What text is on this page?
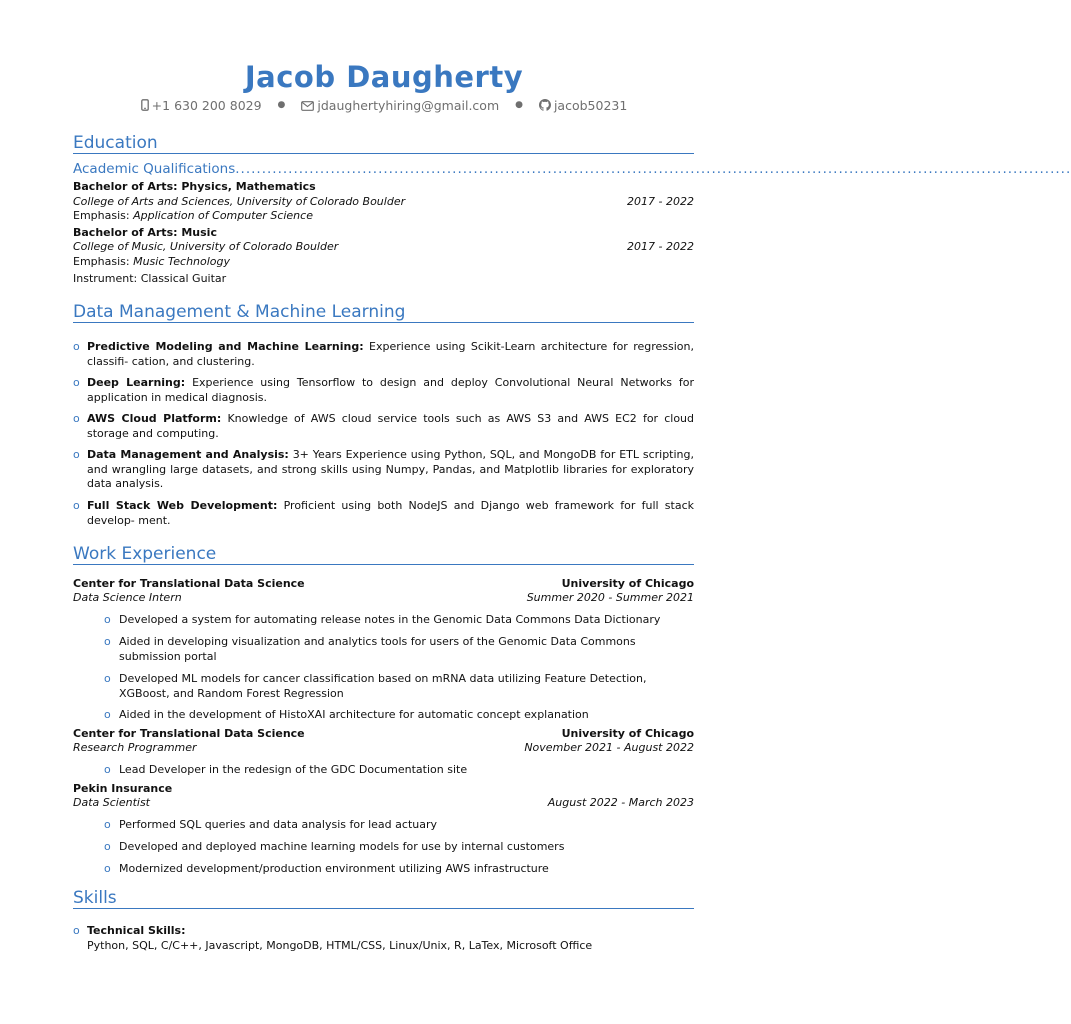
Jacob Daugherty
+1 630 200 8029 ●	jdaughertyhiring@gmail.com ● jacob50231
Education
Academic Qualifications..............................................................................................................................................................
Bachelor of Arts: Physics, Mathematics
College of Arts and Sciences, University of Colorado Boulder	2017 - 2022
Emphasis: Application of Computer Science
Bachelor of Arts: Music
College of Music, University of Colorado Boulder	2017 - 2022
Emphasis: Music Technology
Instrument: Classical Guitar
Data Management & Machine Learning
o Predictive Modeling and Machine Learning: Experience using Scikit-Learn architecture for regression, classifi- cation, and clustering.
o Deep Learning: Experience using Tensorflow to design and deploy Convolutional Neural Networks for application in medical diagnosis.
o AWS Cloud Platform: Knowledge of AWS cloud service tools such as AWS S3 and AWS EC2 for cloud storage and computing.
o Data Management and Analysis: 3+ Years Experience using Python, SQL, and MongoDB for ETL scripting, and wrangling large datasets, and strong skills using Numpy, Pandas, and Matplotlib libraries for exploratory data analysis.
o Full Stack Web Development: Proficient using both NodeJS and Django web framework for full stack develop- ment.
Work Experience
Center for Translational Data Science	University of Chicago
Data Science Intern	Summer 2020 - Summer 2021
o Developed a system for automating release notes in the Genomic Data Commons Data Dictionary
o Aided in developing visualization and analytics tools for users of the Genomic Data Commons submission portal
o Developed ML models for cancer classification based on mRNA data utilizing Feature Detection, XGBoost, and Random Forest Regression
o Aided in the development of HistoXAI architecture for automatic concept explanation
Center for Translational Data Science	University of Chicago
Research Programmer	November 2021 - August 2022
o Lead Developer in the redesign of the GDC Documentation site
Pekin Insurance
Data Scientist	August 2022 - March 2023
o Performed SQL queries and data analysis for lead actuary
o Developed and deployed machine learning models for use by internal customers
o Modernized development/production environment utilizing AWS infrastructure
Skills
o Technical Skills:
Python, SQL, C/C++, Javascript, MongoDB, HTML/CSS, Linux/Unix, R, LaTex, Microsoft Office
